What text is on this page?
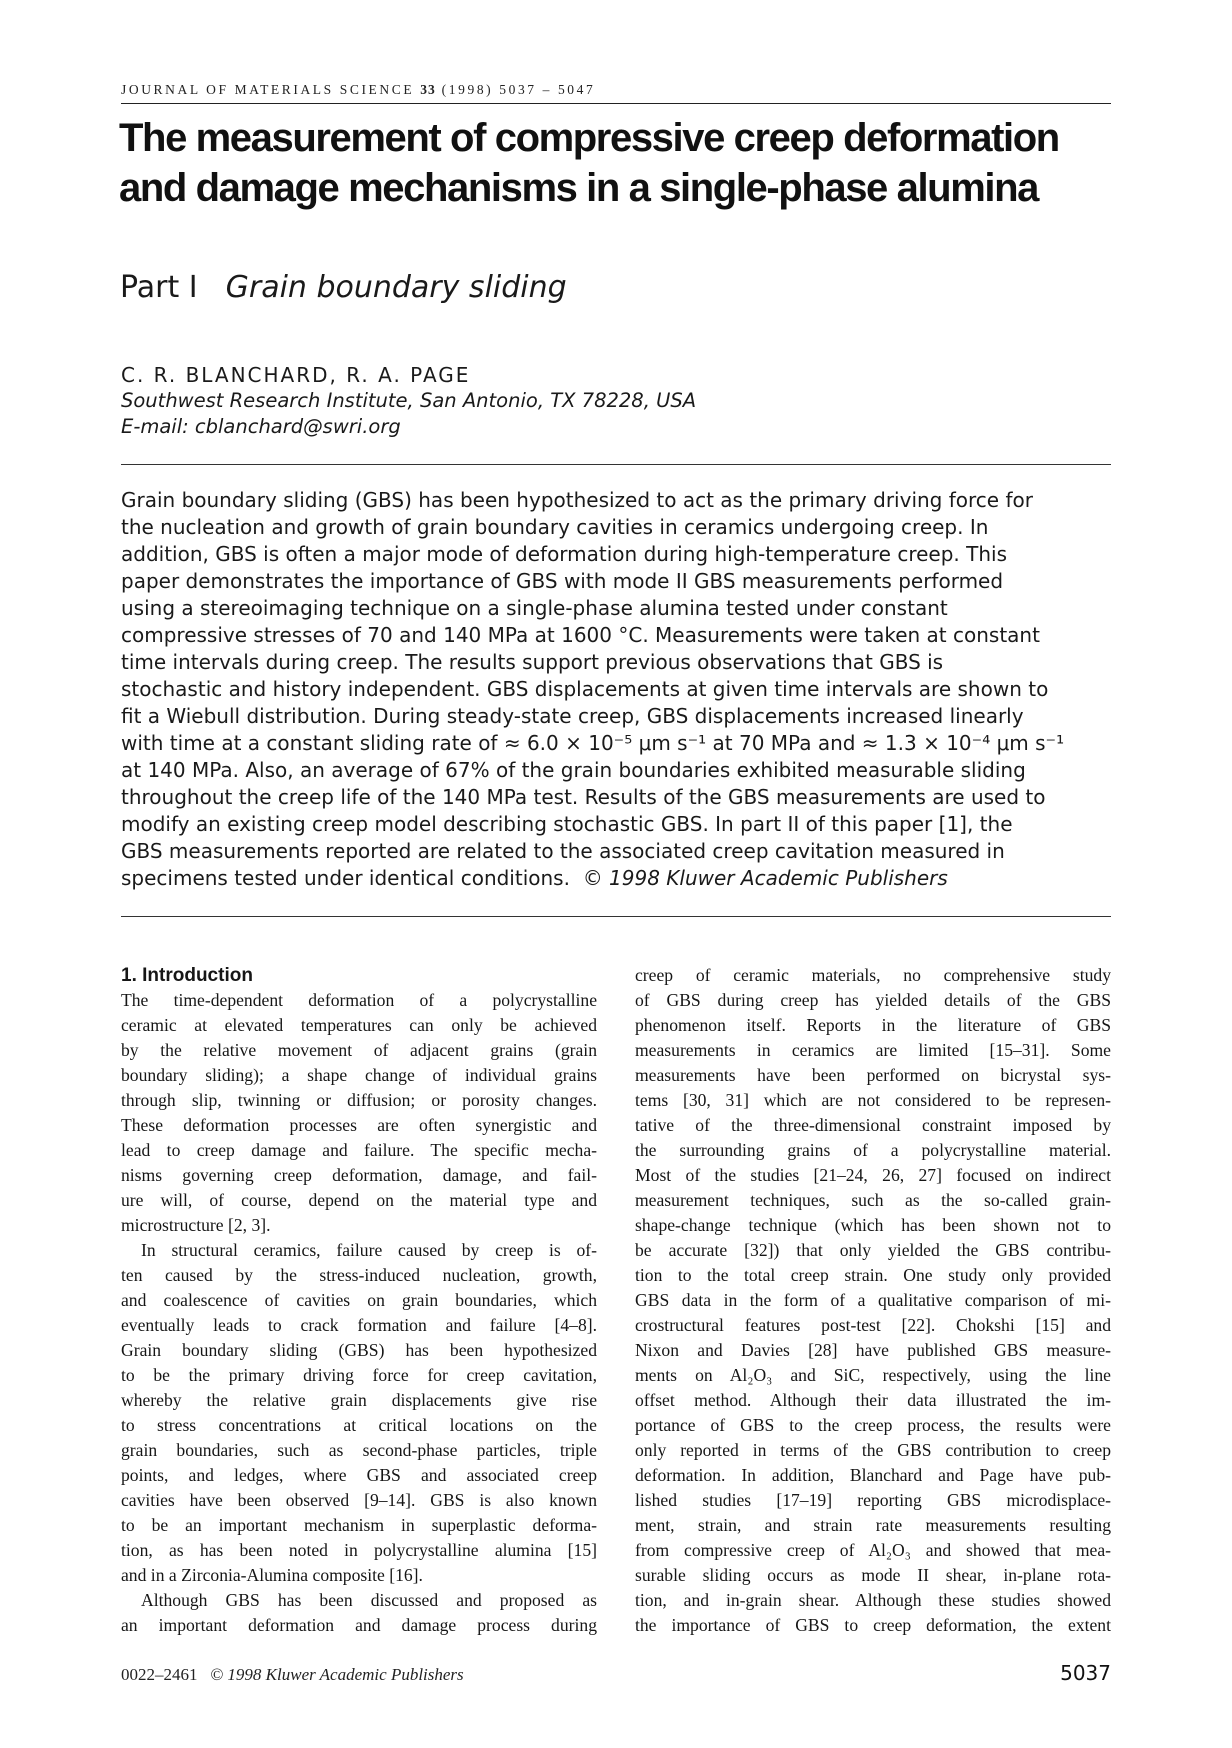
JOURNAL OF MATERIALS SCIENCE 33 (1998) 5037 – 5047
The measurement of compressive creep deformation and damage mechanisms in a single-phase alumina
Part I Grain boundary sliding
C. R. BLANCHARD, R. A. PAGE
Southwest Research Institute, San Antonio, TX 78228, USA
E-mail: cblanchard@swri.org
Grain boundary sliding (GBS) has been hypothesized to act as the primary driving force for
the nucleation and growth of grain boundary cavities in ceramics undergoing creep. In
addition, GBS is often a major mode of deformation during high-temperature creep. This
paper demonstrates the importance of GBS with mode II GBS measurements performed
using a stereoimaging technique on a single-phase alumina tested under constant
compressive stresses of 70 and 140 MPa at 1600 °C. Measurements were taken at constant
time intervals during creep. The results support previous observations that GBS is
stochastic and history independent. GBS displacements at given time intervals are shown to
fit a Wiebull distribution. During steady-state creep, GBS displacements increased linearly
with time at a constant sliding rate of ≈ 6.0 × 10⁻⁵ μm s⁻¹ at 70 MPa and ≈ 1.3 × 10⁻⁴ μm s⁻¹
at 140 MPa. Also, an average of 67% of the grain boundaries exhibited measurable sliding
throughout the creep life of the 140 MPa test. Results of the GBS measurements are used to
modify an existing creep model describing stochastic GBS. In part II of this paper [1], the
GBS measurements reported are related to the associated creep cavitation measured in
specimens tested under identical conditions. © 1998 Kluwer Academic Publishers
1. Introduction
The time-dependent deformation of a polycrystalline
ceramic at elevated temperatures can only be achieved
by the relative movement of adjacent grains (grain
boundary sliding); a shape change of individual grains
through slip, twinning or diffusion; or porosity changes.
These deformation processes are often synergistic and
lead to creep damage and failure. The specific mecha-
nisms governing creep deformation, damage, and fail-
ure will, of course, depend on the material type and
microstructure [2, 3].
In structural ceramics, failure caused by creep is of-
ten caused by the stress-induced nucleation, growth,
and coalescence of cavities on grain boundaries, which
eventually leads to crack formation and failure [4–8].
Grain boundary sliding (GBS) has been hypothesized
to be the primary driving force for creep cavitation,
whereby the relative grain displacements give rise
to stress concentrations at critical locations on the
grain boundaries, such as second-phase particles, triple
points, and ledges, where GBS and associated creep
cavities have been observed [9–14]. GBS is also known
to be an important mechanism in superplastic deforma-
tion, as has been noted in polycrystalline alumina [15]
and in a Zirconia-Alumina composite [16].
Although GBS has been discussed and proposed as
an important deformation and damage process during
creep of ceramic materials, no comprehensive study
of GBS during creep has yielded details of the GBS
phenomenon itself. Reports in the literature of GBS
measurements in ceramics are limited [15–31]. Some
measurements have been performed on bicrystal sys-
tems [30, 31] which are not considered to be represen-
tative of the three-dimensional constraint imposed by
the surrounding grains of a polycrystalline material.
Most of the studies [21–24, 26, 27] focused on indirect
measurement techniques, such as the so-called grain-
shape-change technique (which has been shown not to
be accurate [32]) that only yielded the GBS contribu-
tion to the total creep strain. One study only provided
GBS data in the form of a qualitative comparison of mi-
crostructural features post-test [22]. Chokshi [15] and
Nixon and Davies [28] have published GBS measure-
ments on Al₂O₃ and SiC, respectively, using the line
offset method. Although their data illustrated the im-
portance of GBS to the creep process, the results were
only reported in terms of the GBS contribution to creep
deformation. In addition, Blanchard and Page have pub-
lished studies [17–19] reporting GBS microdisplace-
ment, strain, and strain rate measurements resulting
from compressive creep of Al₂O₃ and showed that mea-
surable sliding occurs as mode II shear, in-plane rota-
tion, and in-grain shear. Although these studies showed
the importance of GBS to creep deformation, the extent
0022–2461 © 1998 Kluwer Academic Publishers	5037
